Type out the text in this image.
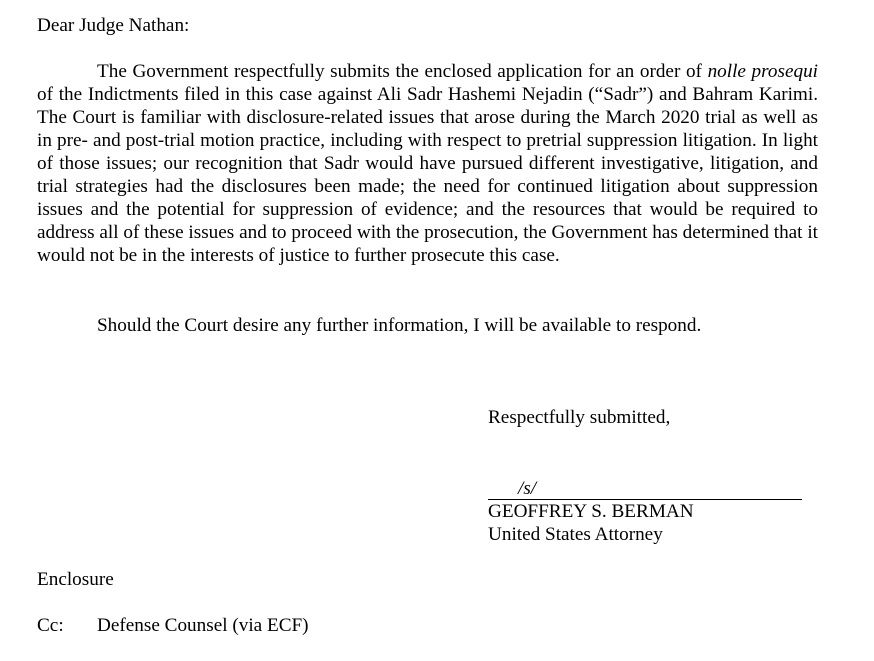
Dear Judge Nathan:

The Government respectfully submits the enclosed application for an order of nolle prosequi of the Indictments filed in this case against Ali Sadr Hashemi Nejadin (“Sadr”) and Bahram Karimi. The Court is familiar with disclosure-related issues that arose during the March 2020 trial as well as in pre- and post-trial motion practice, including with respect to pretrial suppression litigation. In light of those issues; our recognition that Sadr would have pursued different investigative, litigation, and trial strategies had the disclosures been made; the need for continued litigation about suppression issues and the potential for suppression of evidence; and the resources that would be required to address all of these issues and to proceed with the prosecution, the Government has determined that it would not be in the interests of justice to further prosecute this case.

Should the Court desire any further information, I will be available to respond.

Respectfully submitted,
/s/
GEOFFREY S. BERMAN
United States Attorney
Enclosure
Cc: Defense Counsel (via ECF)
